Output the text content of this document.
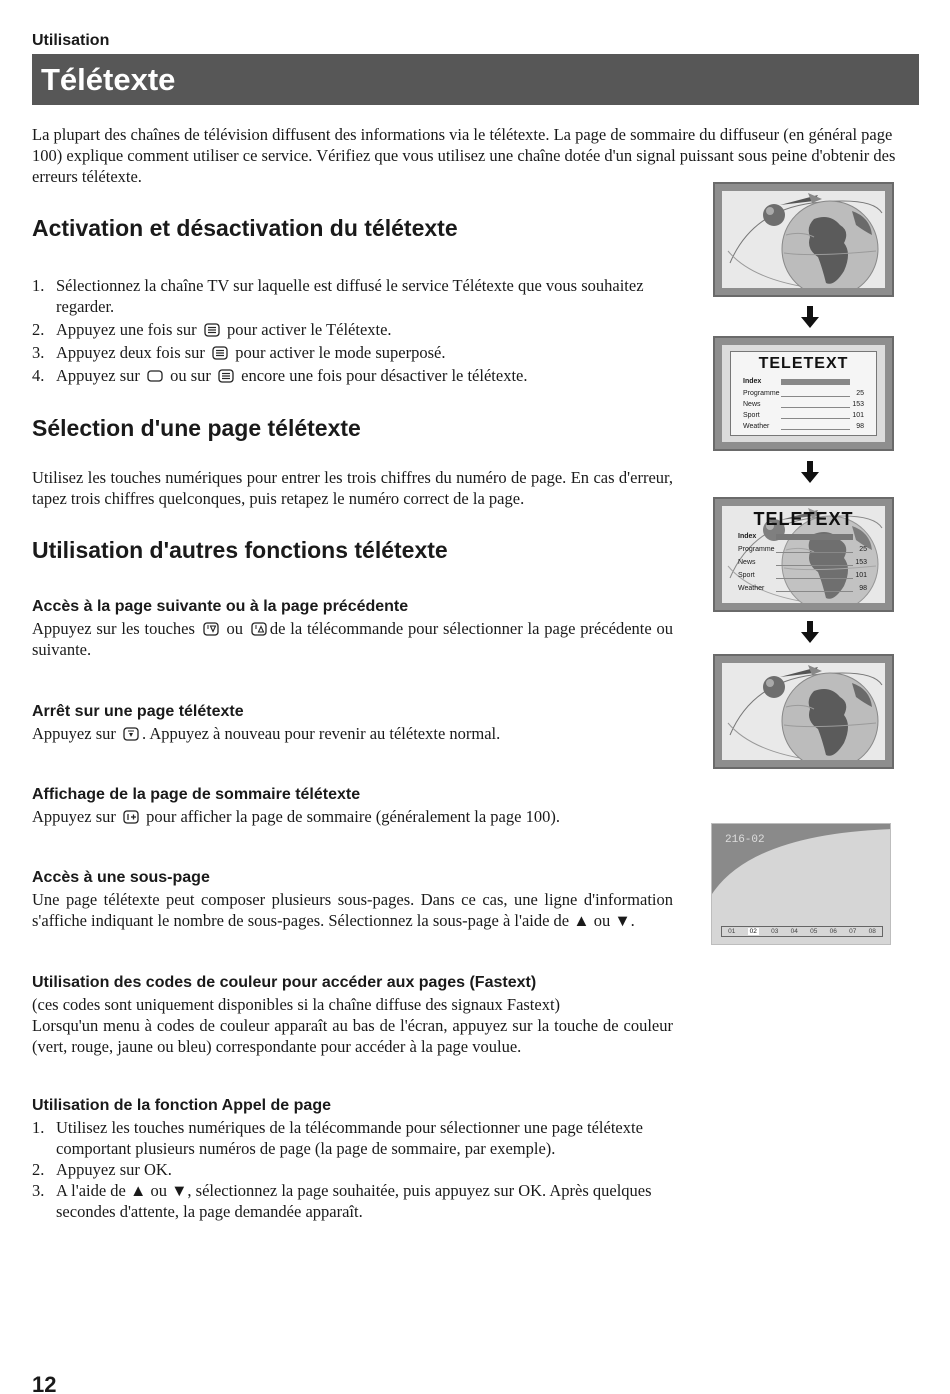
Utilisation
Télétexte
La plupart des chaînes de télévision diffusent des informations via le télétexte. La page de sommaire du diffuseur (en général page 100) explique comment utiliser ce service. Vérifiez que vous utilisez une chaîne dotée d'un signal puissant sous peine d'obtenir des erreurs télétexte.
Activation et désactivation du télétexte
1. Sélectionnez la chaîne TV sur laquelle est diffusé le service Télétexte que vous souhaitez regarder.
2. Appuyez une fois sur pour activer le Télétexte.
3. Appuyez deux fois sur pour activer le mode superposé.
4. Appuyez sur ou sur encore une fois pour désactiver le télétexte.
Sélection d'une page télétexte
Utilisez les touches numériques pour entrer les trois chiffres du numéro de page. En cas d'erreur, tapez trois chiffres quelconques, puis retapez le numéro correct de la page.
Utilisation d'autres fonctions télétexte
Accès à la page suivante ou à la page précédente
Appuyez sur les touches ou de la télécommande pour sélectionner la page précédente ou suivante.
Arrêt sur une page télétexte
Appuyez sur . Appuyez à nouveau pour revenir au télétexte normal.
Affichage de la page de sommaire télétexte
Appuyez sur pour afficher la page de sommaire (généralement la page 100).
Accès à une sous-page
Une page télétexte peut composer plusieurs sous-pages. Dans ce cas, une ligne d'information s'affiche indiquant le nombre de sous-pages. Sélectionnez la sous-page à l'aide de ▲ ou ▼.
Utilisation des codes de couleur pour accéder aux pages (Fastext)
(ces codes sont uniquement disponibles si la chaîne diffuse des signaux Fastext)
Lorsqu'un menu à codes de couleur apparaît au bas de l'écran, appuyez sur la touche de couleur (vert, rouge, jaune ou bleu) correspondante pour accéder à la page voulue.
Utilisation de la fonction Appel de page
1. Utilisez les touches numériques de la télécommande pour sélectionner une page télétexte comportant plusieurs numéros de page (la page de sommaire, par exemple).
2. Appuyez sur OK.
3. A l'aide de ▲ ou ▼, sélectionnez la page souhaitée, puis appuyez sur OK. Après quelques secondes d'attente, la page demandée apparaît.
TELETEXT
Index
Programme	25
News	153
Sport	101
Weather	98
TELETEXT
Index
Programme	25
News	153
Sport	101
Weather	98
216-02
01	02	03 04 05 06 07 08
12
